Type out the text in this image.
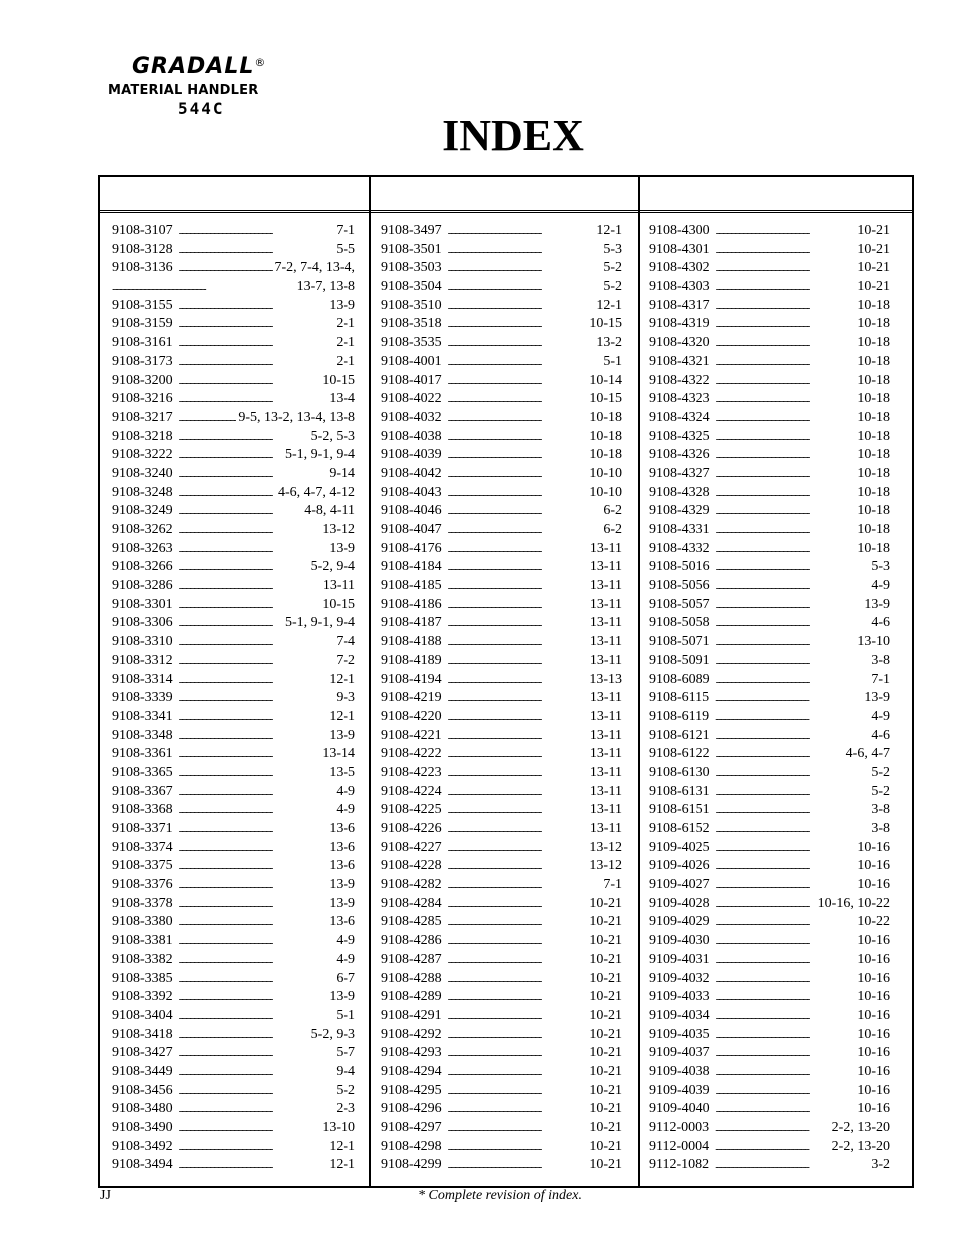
GRADALL®
MATERIAL HANDLER
544C
INDEX
9108-3107 . . .	7-1
9108-3128 . . .	5-5
9108-3136 . . .	7-2, 7-4, 13-4,
. . .
13-7, 13-8
9108-3155 . . .	13-9
9108-3159 . . .	2-1
9108-3161 . . .	2-1
9108-3173 . . .	2-1
9108-3200 . . .	10-15
9108-3216 . . .	13-4
9108-3217 . . .	9-5, 13-2, 13-4, 13-8
9108-3218 . . .	5-2, 5-3
9108-3222 . . .	5-1, 9-1, 9-4
9108-3240 . . .	9-14
9108-3248 . . .	4-6, 4-7, 4-12
9108-3249 . . .	4-8, 4-11
9108-3262 . . .	13-12
9108-3263 . . .	13-9
9108-3266 . . .	5-2, 9-4
9108-3286 . . .	13-11
9108-3301 . . .	10-15
9108-3306 . . .	5-1, 9-1, 9-4
9108-3310 . . .	7-4
9108-3312 . . .	7-2
9108-3314 . . .	12-1
9108-3339 . . .	9-3
9108-3341 . . .	12-1
9108-3348 . . .	13-9
9108-3361 . . .	13-14
9108-3365 . . .	13-5
9108-3367 . . .	4-9
9108-3368 . . .	4-9
9108-3371 . . .	13-6
9108-3374 . . .	13-6
9108-3375 . . .	13-6
9108-3376 . . .	13-9
9108-3378 . . .	13-9
9108-3380 . . .	13-6
9108-3381 . . .	4-9
9108-3382 . . .	4-9
9108-3385 . . .	6-7
9108-3392 . . .	13-9
9108-3404 . . .	5-1
9108-3418 . . .	5-2, 9-3
9108-3427 . . .	5-7
9108-3449 . . .	9-4
9108-3456 . . .	5-2
9108-3480 . . .	2-3
9108-3490 . . .	13-10
9108-3492 . . .	12-1
9108-3494 . . .	12-1
9108-3497 . . .	12-1
9108-3501 . . .	5-3
9108-3503 . . .	5-2
9108-3504 . . .	5-2
9108-3510 . . .	12-1
9108-3518 . . .	10-15
9108-3535 . . .	13-2
9108-4001 . . .	5-1
9108-4017 . . .	10-14
9108-4022 . . .	10-15
9108-4032 . . .	10-18
9108-4038 . . .	10-18
9108-4039 . . .	10-18
9108-4042 . . .	10-10
9108-4043 . . .	10-10
9108-4046 . . .	6-2
9108-4047 . . .	6-2
9108-4176 . . .	13-11
9108-4184 . . .	13-11
9108-4185 . . .	13-11
9108-4186 . . .	13-11
9108-4187 . . .	13-11
9108-4188 . . .	13-11
9108-4189 . . .	13-11
9108-4194 . . .	13-13
9108-4219 . . .	13-11
9108-4220 . . .	13-11
9108-4221 . . .	13-11
9108-4222 . . .	13-11
9108-4223 . . .	13-11
9108-4224 . . .	13-11
9108-4225 . . .	13-11
9108-4226 . . .	13-11
9108-4227 . . .	13-12
9108-4228 . . .	13-12
9108-4282 . . .	7-1
9108-4284 . . .	10-21
9108-4285 . . .	10-21
9108-4286 . . .	10-21
9108-4287 . . .	10-21
9108-4288 . . .	10-21
9108-4289 . . .	10-21
9108-4291 . . .	10-21
9108-4292 . . .	10-21
9108-4293 . . .	10-21
9108-4294 . . .	10-21
9108-4295 . . .	10-21
9108-4296 . . .	10-21
9108-4297 . . .	10-21
9108-4298 . . .	10-21
9108-4299 . . .	10-21
9108-4300 . . .	10-21
9108-4301 . . .	10-21
9108-4302 . . .	10-21
9108-4303 . . .	10-21
9108-4317 . . .	10-18
9108-4319 . . .	10-18
9108-4320 . . .	10-18
9108-4321 . . .	10-18
9108-4322 . . .	10-18
9108-4323 . . .	10-18
9108-4324 . . .	10-18
9108-4325 . . .	10-18
9108-4326 . . .	10-18
9108-4327 . . .	10-18
9108-4328 . . .	10-18
9108-4329 . . .	10-18
9108-4331 . . .	10-18
9108-4332 . . .	10-18
9108-5016 . . .	5-3
9108-5056 . . .	4-9
9108-5057 . . .	13-9
9108-5058 . . .	4-6
9108-5071 . . .	13-10
9108-5091 . . .	3-8
9108-6089 . . .	7-1
9108-6115 . . .	13-9
9108-6119 . . .	4-9
9108-6121 . . .	4-6
9108-6122 . . .	4-6, 4-7
9108-6130 . . .	5-2
9108-6131 . . .	5-2
9108-6151 . . .	3-8
9108-6152 . . .	3-8
9109-4025 . . .	10-16
9109-4026 . . .	10-16
9109-4027 . . .	10-16
9109-4028 . . .	10-16, 10-22
9109-4029 . . .	10-22
9109-4030 . . .	10-16
9109-4031 . . .	10-16
9109-4032 . . .	10-16
9109-4033 . . .	10-16
9109-4034 . . .	10-16
9109-4035 . . .	10-16
9109-4037 . . .	10-16
9109-4038 . . .	10-16
9109-4039 . . .	10-16
9109-4040 . . .	10-16
9112-0003 . . .	2-2, 13-20
9112-0004 . . .	2-2, 13-20
9112-1082 . . .	3-2
JJ	* Complete revision of index.
